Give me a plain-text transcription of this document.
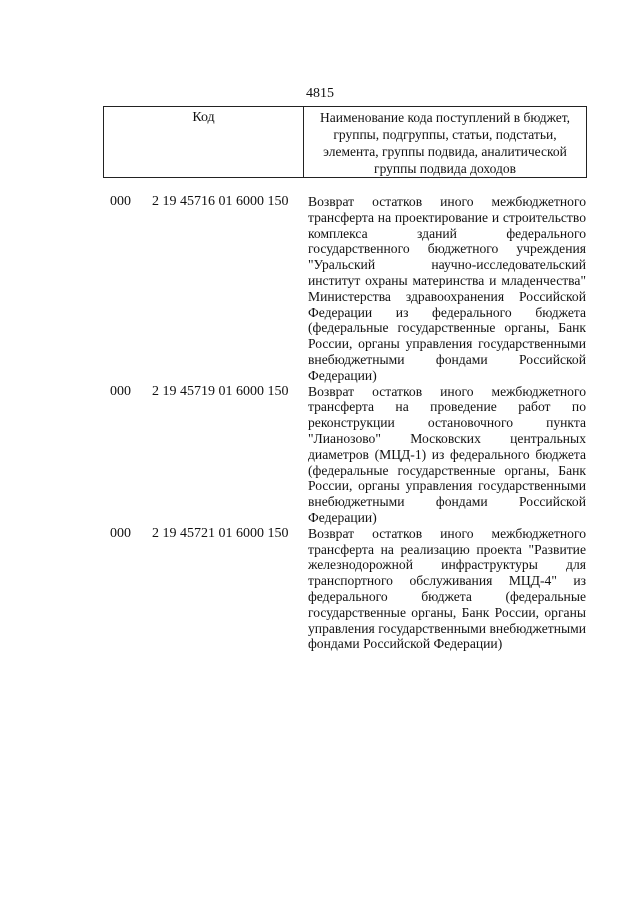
4815
Код	Наименование кода поступлений в бюджет, группы, подгруппы, статьи, подстатьи, элемента, группы подвида, аналитической группы подвида доходов
000	2 19 45716 01 6000 150	Возврат остатков иного межбюджетного трансферта на проектирование и строительство комплекса зданий федерального государственного бюджетного учреждения "Уральский научно-исследовательский институт охраны материнства и младенчества" Министерства здравоохранения Российской Федерации из федерального бюджета (федеральные государственные органы, Банк России, органы управления государственными внебюджетными фондами Российской Федерации)
000	2 19 45719 01 6000 150	Возврат остатков иного межбюджетного трансферта на проведение работ по реконструкции остановочного пункта "Лианозово" Московских центральных диаметров (МЦД-1) из федерального бюджета (федеральные государственные органы, Банк России, органы управления государственными внебюджетными фондами Российской Федерации)
000	2 19 45721 01 6000 150	Возврат остатков иного межбюджетного трансферта на реализацию проекта "Развитие железнодорожной инфраструктуры для транспортного обслуживания МЦД-4" из федерального бюджета (федеральные государственные органы, Банк России, органы управления государственными внебюджетными фондами Российской Федерации)
